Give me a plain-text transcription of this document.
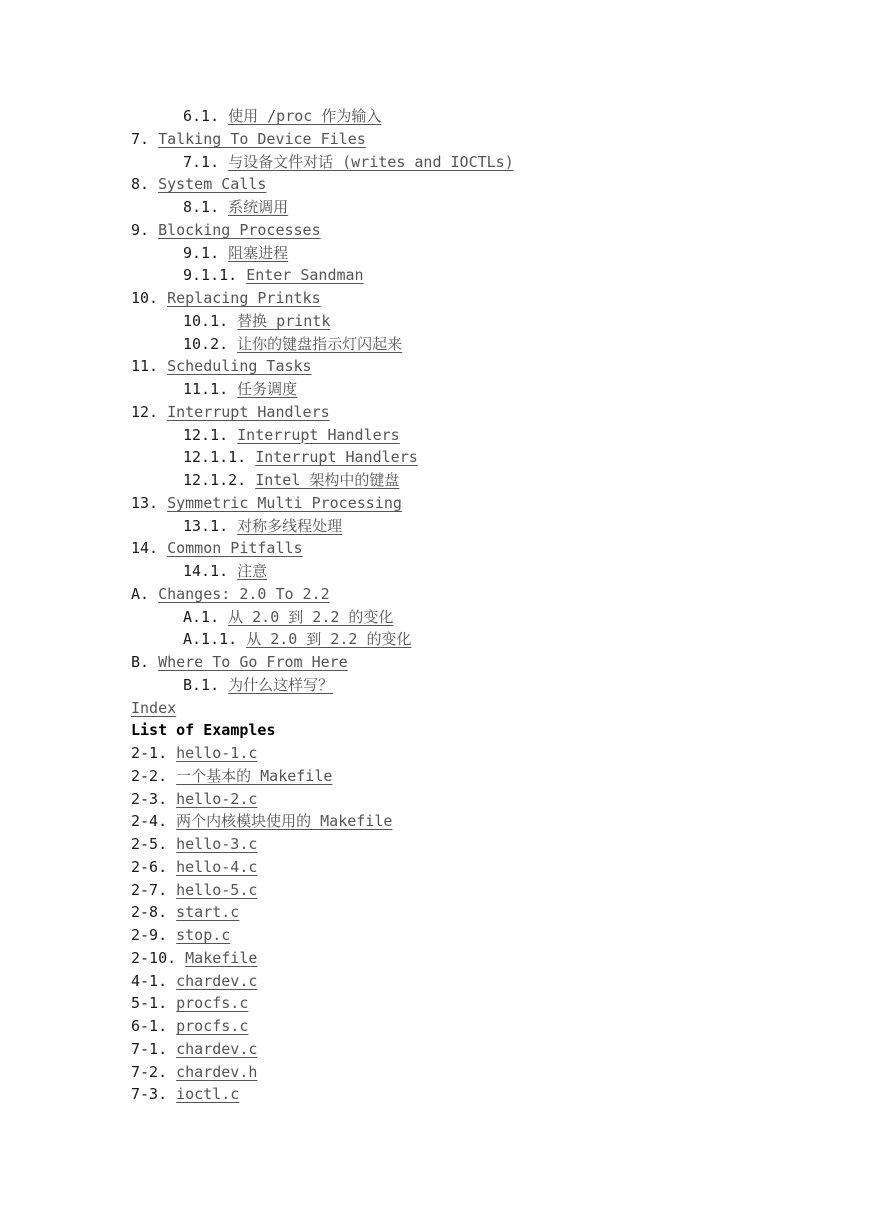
6.1. 使用 /proc 作为输入
7. Talking To Device Files
7.1. 与设备文件对话 (writes and IOCTLs)
8. System Calls
8.1. 系统调用
9. Blocking Processes
9.1. 阻塞进程
9.1.1. Enter Sandman
10. Replacing Printks
10.1. 替换 printk
10.2. 让你的键盘指示灯闪起来
11. Scheduling Tasks
11.1. 任务调度
12. Interrupt Handlers
12.1. Interrupt Handlers
12.1.1. Interrupt Handlers
12.1.2. Intel 架构中的键盘
13. Symmetric Multi Processing
13.1. 对称多线程处理
14. Common Pitfalls
14.1. 注意
A. Changes: 2.0 To 2.2
A.1. 从 2.0 到 2.2 的变化
A.1.1. 从 2.0 到 2.2 的变化
B. Where To Go From Here
B.1. 为什么这样写？
Index
List of Examples
2-1. hello-1.c
2-2. 一个基本的 Makefile
2-3. hello-2.c
2-4. 两个内核模块使用的 Makefile
2-5. hello-3.c
2-6. hello-4.c
2-7. hello-5.c
2-8. start.c
2-9. stop.c
2-10. Makefile
4-1. chardev.c
5-1. procfs.c
6-1. procfs.c
7-1. chardev.c
7-2. chardev.h
7-3. ioctl.c
